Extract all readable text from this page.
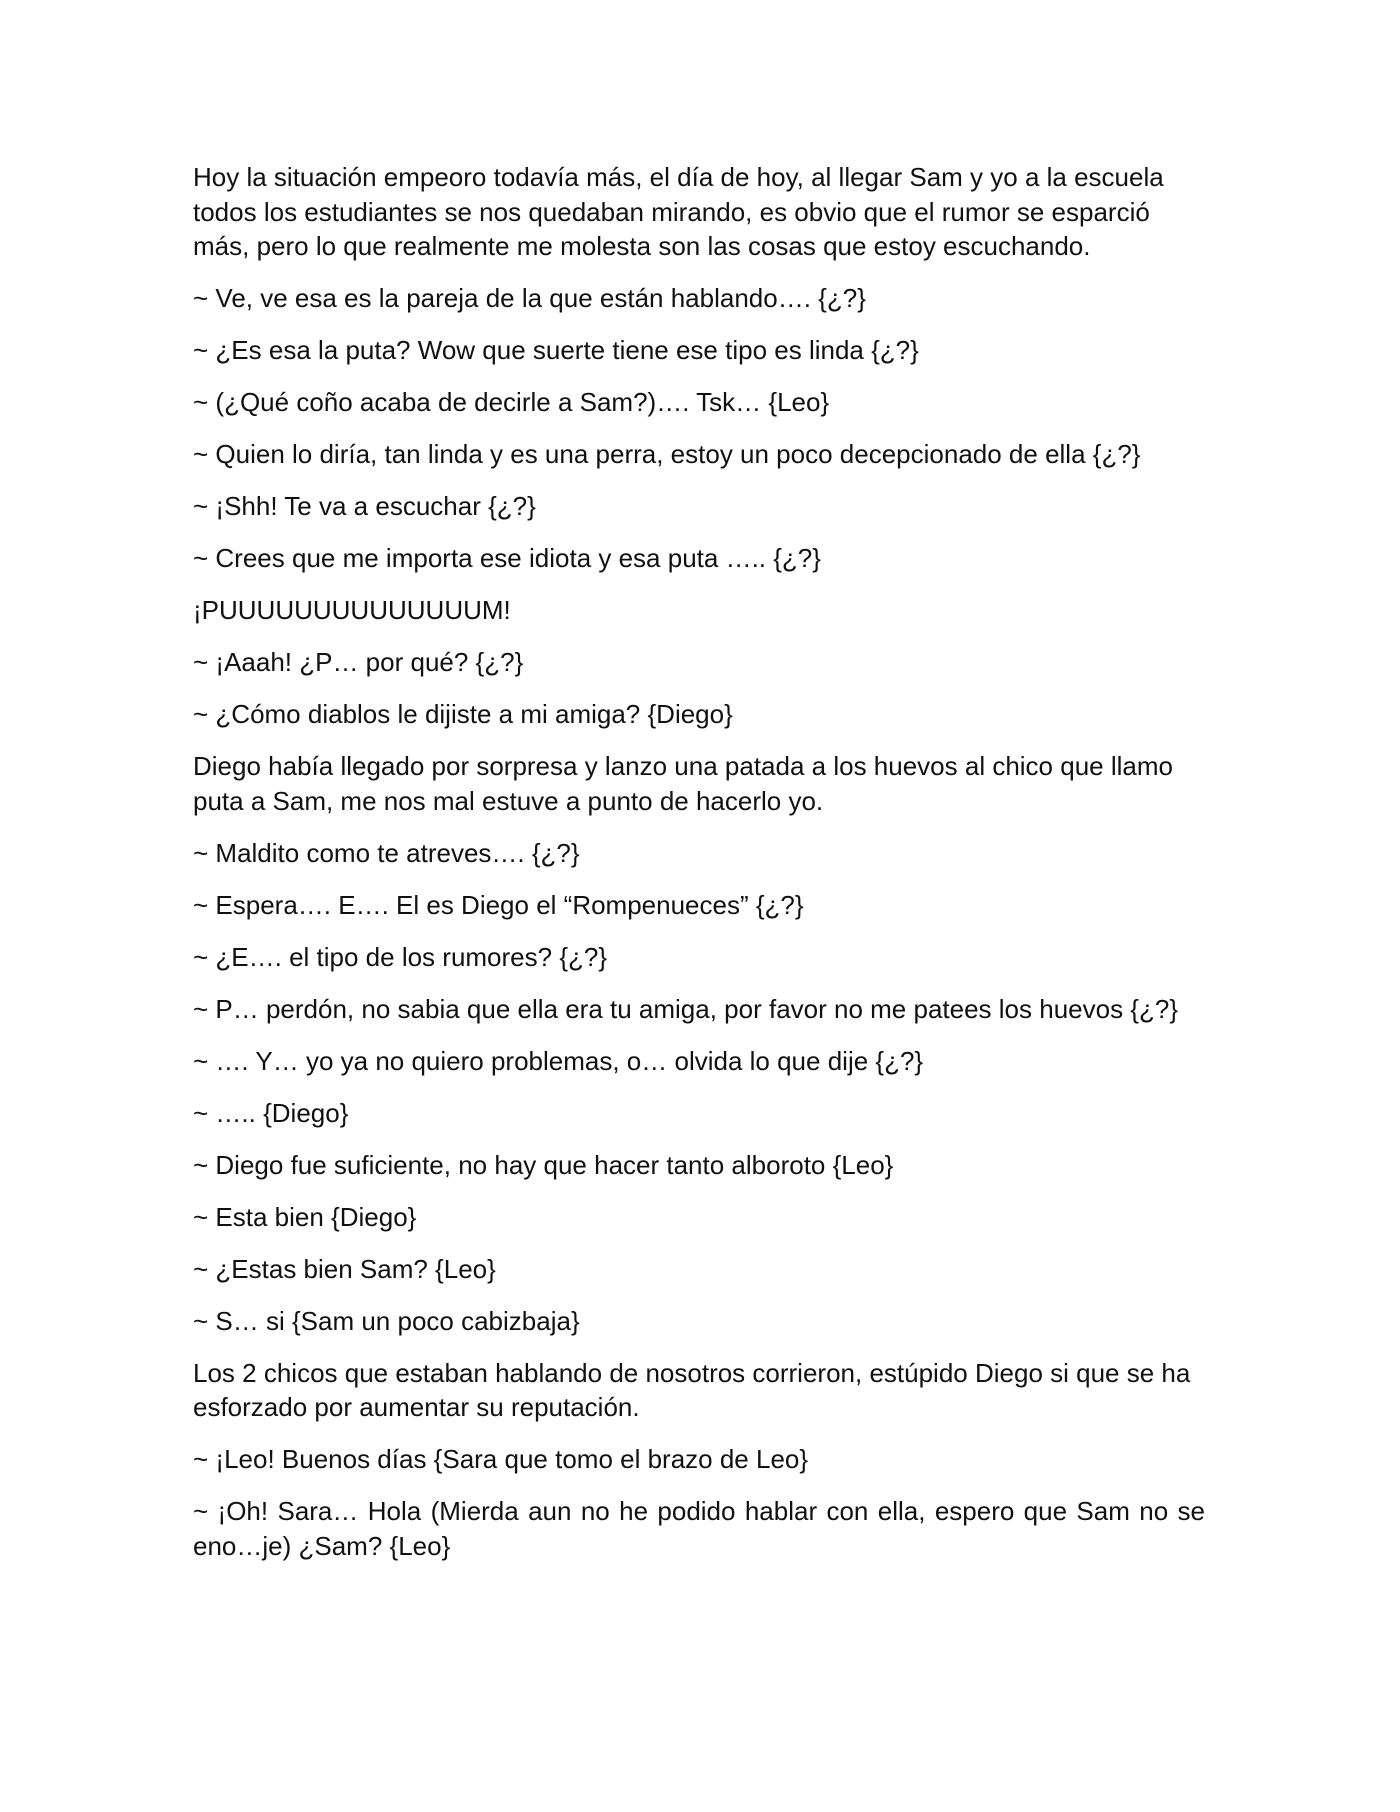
Hoy la situación empeoro todavía más, el día de hoy, al llegar Sam y yo a la escuela todos los estudiantes se nos quedaban mirando, es obvio que el rumor se esparció más, pero lo que realmente me molesta son las cosas que estoy escuchando.

~ Ve, ve esa es la pareja de la que están hablando…. {¿?}

~ ¿Es esa la puta? Wow que suerte tiene ese tipo es linda {¿?}

~ (¿Qué coño acaba de decirle a Sam?)…. Tsk… {Leo}

~ Quien lo diría, tan linda y es una perra, estoy un poco decepcionado de ella {¿?}

~ ¡Shh! Te va a escuchar {¿?}

~ Crees que me importa ese idiota y esa puta ….. {¿?}

¡PUUUUUUUUUUUUUUM!

~ ¡Aaah! ¿P… por qué? {¿?}

~ ¿Cómo diablos le dijiste a mi amiga? {Diego}

Diego había llegado por sorpresa y lanzo una patada a los huevos al chico que llamo puta a Sam, me nos mal estuve a punto de hacerlo yo.

~ Maldito como te atreves…. {¿?}

~ Espera…. E…. El es Diego el “Rompenueces” {¿?}

~ ¿E…. el tipo de los rumores? {¿?}

~ P… perdón, no sabia que ella era tu amiga, por favor no me patees los huevos {¿?}

~ …. Y… yo ya no quiero problemas, o… olvida lo que dije {¿?}

~ ….. {Diego}

~ Diego fue suficiente, no hay que hacer tanto alboroto {Leo}

~ Esta bien {Diego}

~ ¿Estas bien Sam? {Leo}

~ S… si {Sam un poco cabizbaja}

Los 2 chicos que estaban hablando de nosotros corrieron, estúpido Diego si que se ha esforzado por aumentar su reputación.

~ ¡Leo! Buenos días {Sara que tomo el brazo de Leo}

~ ¡Oh! Sara… Hola (Mierda aun no he podido hablar con ella, espero que Sam no se eno…je) ¿Sam? {Leo}
